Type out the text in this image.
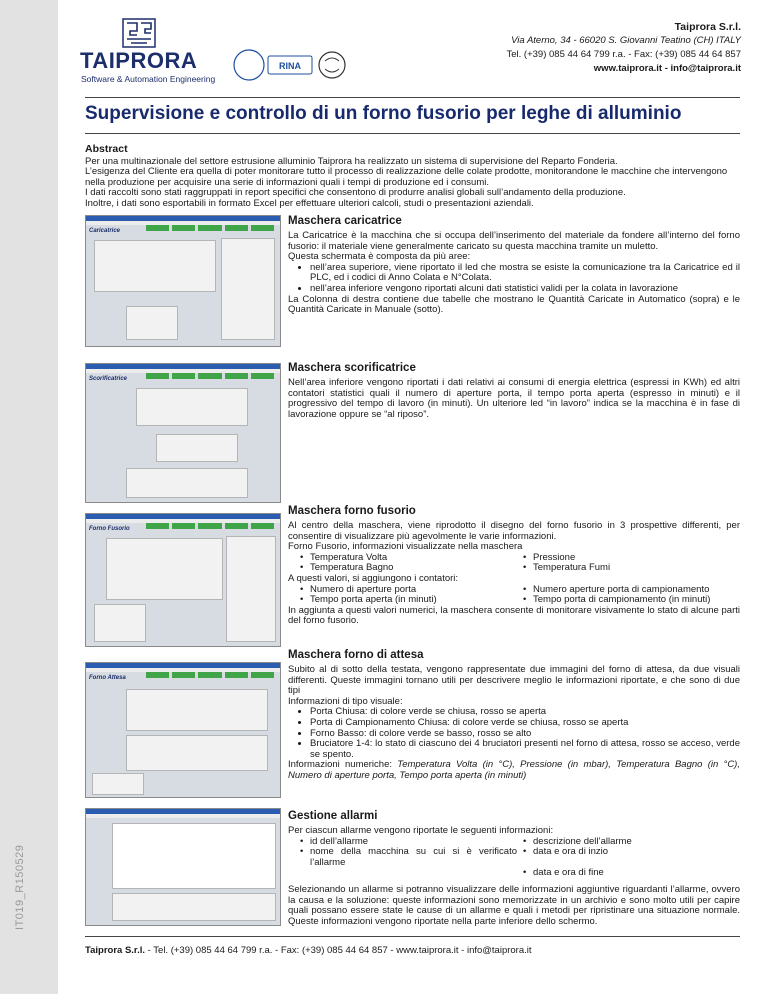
IT019_R150529
TAIPRORA
Software & Automation Engineering
RINA
Taiprora S.r.l.
Via Aterno, 34 - 66020 S. Giovanni Teatino (CH) ITALY
Tel. (+39) 085 44 64 799 r.a. - Fax: (+39) 085 44 64 857
www.taiprora.it - info@taiprora.it
Supervisione e controllo di un forno fusorio per leghe di alluminio
Abstract
Per una multinazionale del settore estrusione alluminio Taiprora ha realizzato un sistema di supervisione del Reparto Fonderia.
L’esigenza del Cliente era quella di poter monitorare tutto il processo di realizzazione delle colate prodotte, monitorandone le macchine che intervengono nella produzione per acquisire una serie di informazioni quali i tempi di produzione ed i consumi.
I dati raccolti sono stati raggruppati in report specifici che consentono di produrre analisi globali sull’andamento della produzione.
Inoltre, i dati sono esportabili in formato Excel per effettuare ulteriori calcoli, studi o presentazioni aziendali.
Caricatrice
Scorificatrice
Forno Fusorio
Forno Attesa
Maschera caricatrice
La Caricatrice è la macchina che si occupa dell’inserimento del materiale da fondere all’interno del forno fusorio: il materiale viene generalmente caricato su questa macchina tramite un muletto.
Questa schermata è composta da più aree:
• nell’area superiore, viene riportato il led che mostra se esiste la comunicazione tra la Caricatrice ed il PLC, ed i codici di Anno Colata e N°Colata.
• nell’area inferiore vengono riportati alcuni dati statistici validi per la colata in lavorazione
La Colonna di destra contiene due tabelle che mostrano le Quantità Caricate in Automatico (sopra) e le Quantità Caricate in Manuale (sotto).
Maschera scorificatrice
Nell’area inferiore vengono riportati i dati relativi ai consumi di energia elettrica (espressi in KWh) ed altri contatori statistici quali il numero di aperture porta, il tempo porta aperta (espresso in minuti) e il progressivo del tempo di lavoro (in minuti). Un ulteriore led “in lavoro” indica se la macchina è in fase di lavorazione oppure se “al riposo”.
Maschera forno fusorio
Al centro della maschera, viene riprodotto il disegno del forno fusorio in 3 prospettive differenti, per consentire di visualizzare più agevolmente le varie informazioni.
Forno Fusorio, informazioni visualizzate nella maschera
• Temperatura Volta	• Pressione
• Temperatura Bagno	• Temperatura Fumi
A questi valori, si aggiungono i contatori:
• Numero di aperture porta	• Numero aperture porta di campionamento
• Tempo porta aperta (in minuti)	• Tempo porta di campionamento (in minuti)
In aggiunta a questi valori numerici, la maschera consente di monitorare visivamente lo stato di alcune parti del forno fusorio.
Maschera forno di attesa
Subito al di sotto della testata, vengono rappresentate due immagini del forno di attesa, da due visuali differenti. Queste immagini tornano utili per descrivere meglio le informazioni riportate, e che sono di due tipi
Informazioni di tipo visuale:
• Porta Chiusa: di colore verde se chiusa, rosso se aperta
• Porta di Campionamento Chiusa: di colore verde se chiusa, rosso se aperta
• Forno Basso: di colore verde se basso, rosso se alto
• Bruciatore 1-4: lo stato di ciascuno dei 4 bruciatori presenti nel forno di attesa, rosso se acceso, verde se spento.
Informazioni numeriche: Temperatura Volta (in °C), Pressione (in mbar), Temperatura Bagno (in °C), Numero di aperture porta, Tempo porta aperta (in minuti)
Gestione allarmi
Per ciascun allarme vengono riportate le seguenti informazioni:
• id dell’allarme	• descrizione dell’allarme
• nome della macchina su cui si è verificato l’allarme
• data e ora di inzio
• data e ora di fine
Selezionando un allarme si potranno visualizzare delle informazioni aggiuntive riguardanti l’allarme, ovvero la causa e la soluzione: queste informazioni sono memorizzate in un archivio e sono molto utili per capire quali possano essere state le cause di un allarme e quali i metodi per ripristinare una situazione normale. Queste informazioni vengono riportate nella parte inferiore dello schermo.
Taiprora S.r.l. - Tel. (+39) 085 44 64 799 r.a. - Fax: (+39) 085 44 64 857 - www.taiprora.it - info@taiprora.it
